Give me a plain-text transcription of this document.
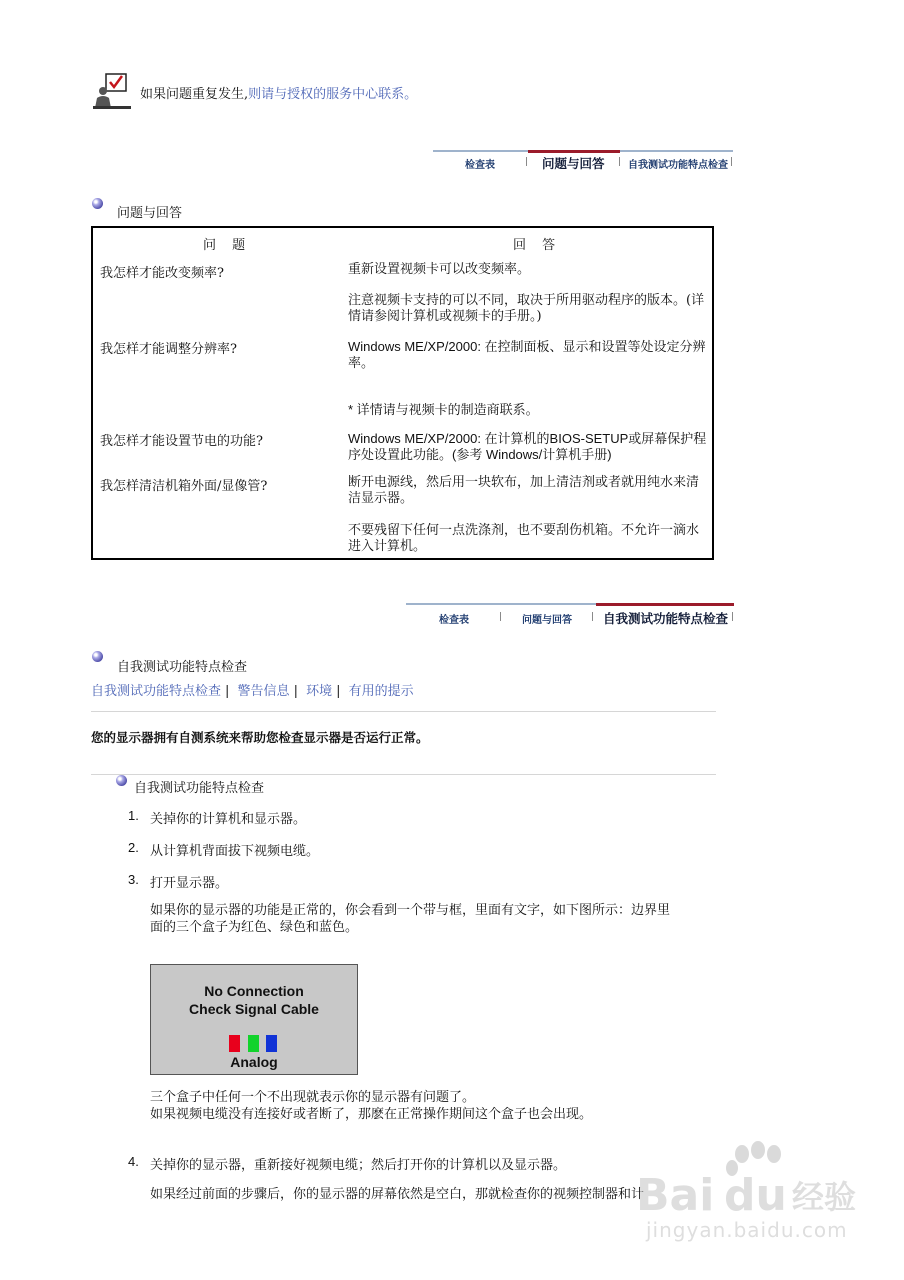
如果问题重复发生,则请与授权的服务中心联系。
检查表	问题与回答 自我测试功能特点检查
问题与回答
问 题	回 答
我怎样才能改变频率?	重新设置视频卡可以改变频率。
注意视频卡支持的可以不同，取决于所用驱动程序的版本。(详情请参阅计算机或视频卡的手册。)
我怎样才能调整分辨率?	Windows ME/XP/2000: 在控制面板、显示和设置等处设定分辨率。
* 详情请与视频卡的制造商联系。
我怎样才能设置节电的功能?	Windows ME/XP/2000: 在计算机的BIOS-SETUP或屏幕保护程序处设置此功能。(参考 Windows/计算机手册)
我怎样清洁机箱外面/显像管?	断开电源线，然后用一块软布，加上清洁剂或者就用纯水来清洁显示器。
不要残留下任何一点洗涤剂，也不要刮伤机箱。不允许一滴水进入计算机。
检查表	问题与回答 自我测试功能特点检查
自我测试功能特点检查
自我测试功能特点检查 | 警告信息 | 环境 | 有用的提示
您的显示器拥有自测系统来帮助您检查显示器是否运行正常。
自我测试功能特点检查
1. 关掉你的计算机和显示器。
2. 从计算机背面拔下视频电缆。
3. 打开显示器。
如果你的显示器的功能是正常的，你会看到一个带与框，里面有文字，如下图所示：边界里面的三个盒子为红色、绿色和蓝色。
No Connection
Check Signal Cable
Analog
三个盒子中任何一个不出现就表示你的显示器有问题了。
如果视频电缆没有连接好或者断了，那麽在正常操作期间这个盒子也会出现。
4. 关掉你的显示器，重新接好视频电缆；然后打开你的计算机以及显示器。
如果经过前面的步骤后，你的显示器的屏幕依然是空白，那就检查你的视频控制器和计
Bai du 经验
jingyan.baidu.com
